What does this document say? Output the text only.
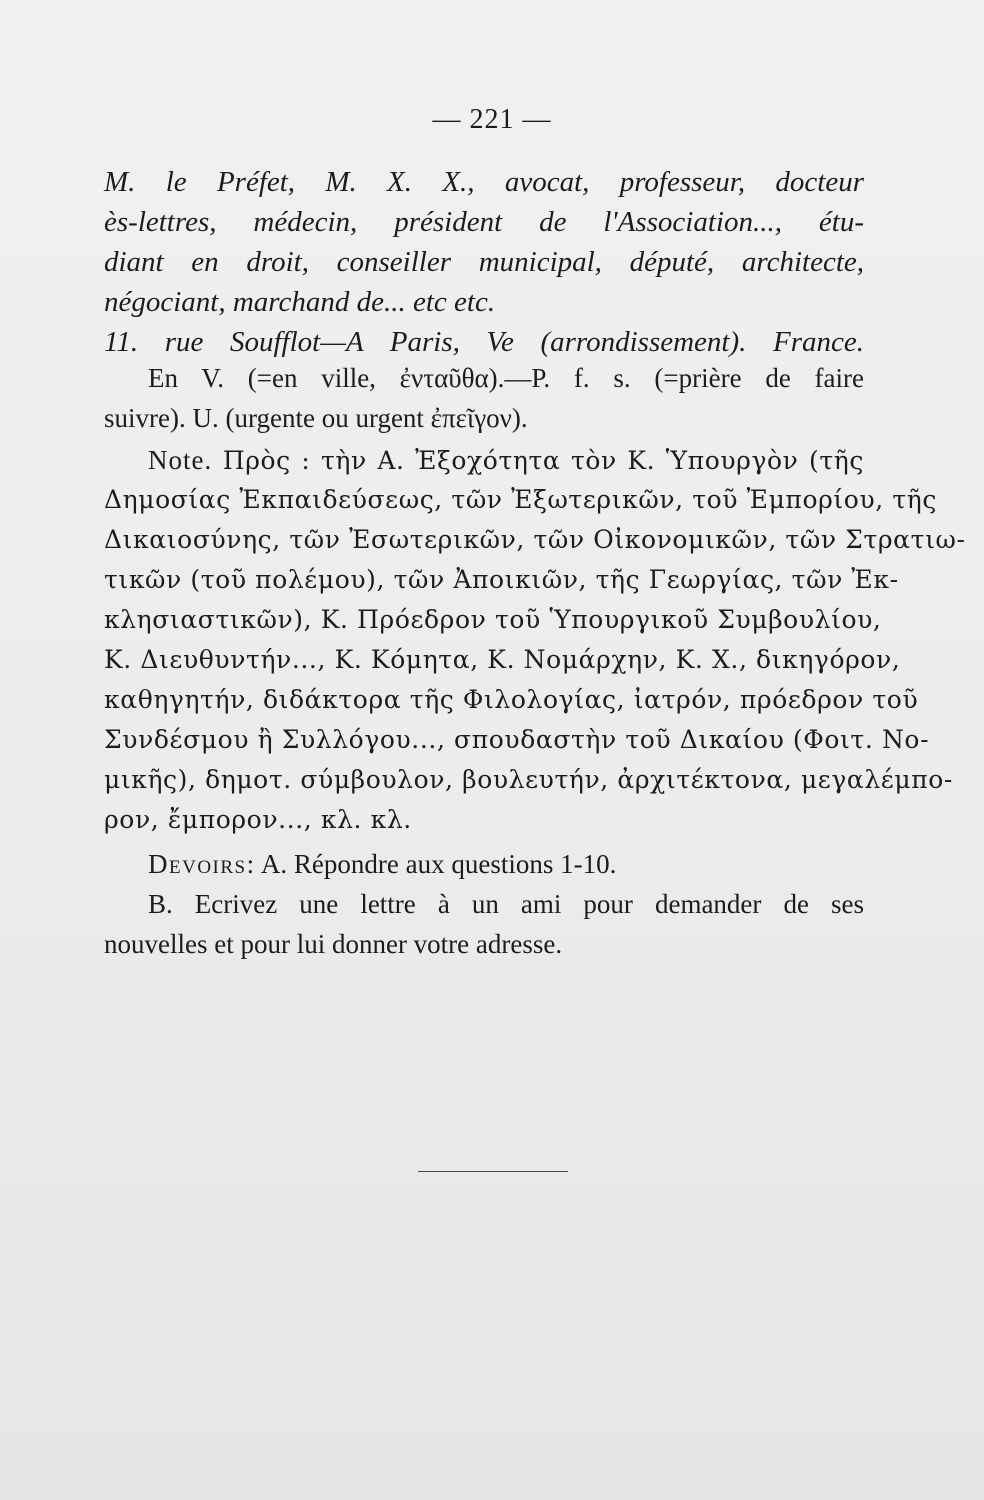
— 221 —
M. le Préfet, M. X. X., avocat, professeur, docteur
ès-lettres, médecin, président de l'Association..., étu-
diant en droit, conseiller municipal, député, architecte,
négociant, marchand de... etc etc.
11. rue Soufflot—A Paris, Ve (arrondissement). France.
En V. (=en ville, ἐνταῦθα).—P. f. s. (=prière de faire
suivre). U. (urgente ou urgent ἐπεῖγον).
Note. Πρὸς : τὴν Α. Ἐξοχότητα τὸν Κ. Ὑπουργὸν (τῆς
Δημοσίας Ἐκπαιδεύσεως, τῶν Ἐξωτερικῶν, τοῦ Ἐμπορίου, τῆς
Δικαιοσύνης, τῶν Ἐσωτερικῶν, τῶν Οἰκονομικῶν, τῶν Στρατιω-
τικῶν (τοῦ πολέμου), τῶν Ἀποικιῶν, τῆς Γεωργίας, τῶν Ἐκ-
κλησιαστικῶν), Κ. Πρόεδρον τοῦ Ὑπουργικοῦ Συμβουλίου,
Κ. Διευθυντήν..., Κ. Κόμητα, Κ. Νομάρχην, Κ. Χ., δικηγόρον,
καθηγητήν, διδάκτορα τῆς Φιλολογίας, ἰατρόν, πρόεδρον τοῦ
Συνδέσμου ἢ Συλλόγου..., σπουδαστὴν τοῦ Δικαίου (Φοιτ. Νο-
μικῆς), δημοτ. σύμβουλον, βουλευτήν, ἀρχιτέκτονα, μεγαλέμπο-
ρον, ἔμπορον..., κλ. κλ.
Devoirs: A. Répondre aux questions 1-10.
B. Ecrivez une lettre à un ami pour demander de ses
nouvelles et pour lui donner votre adresse.
